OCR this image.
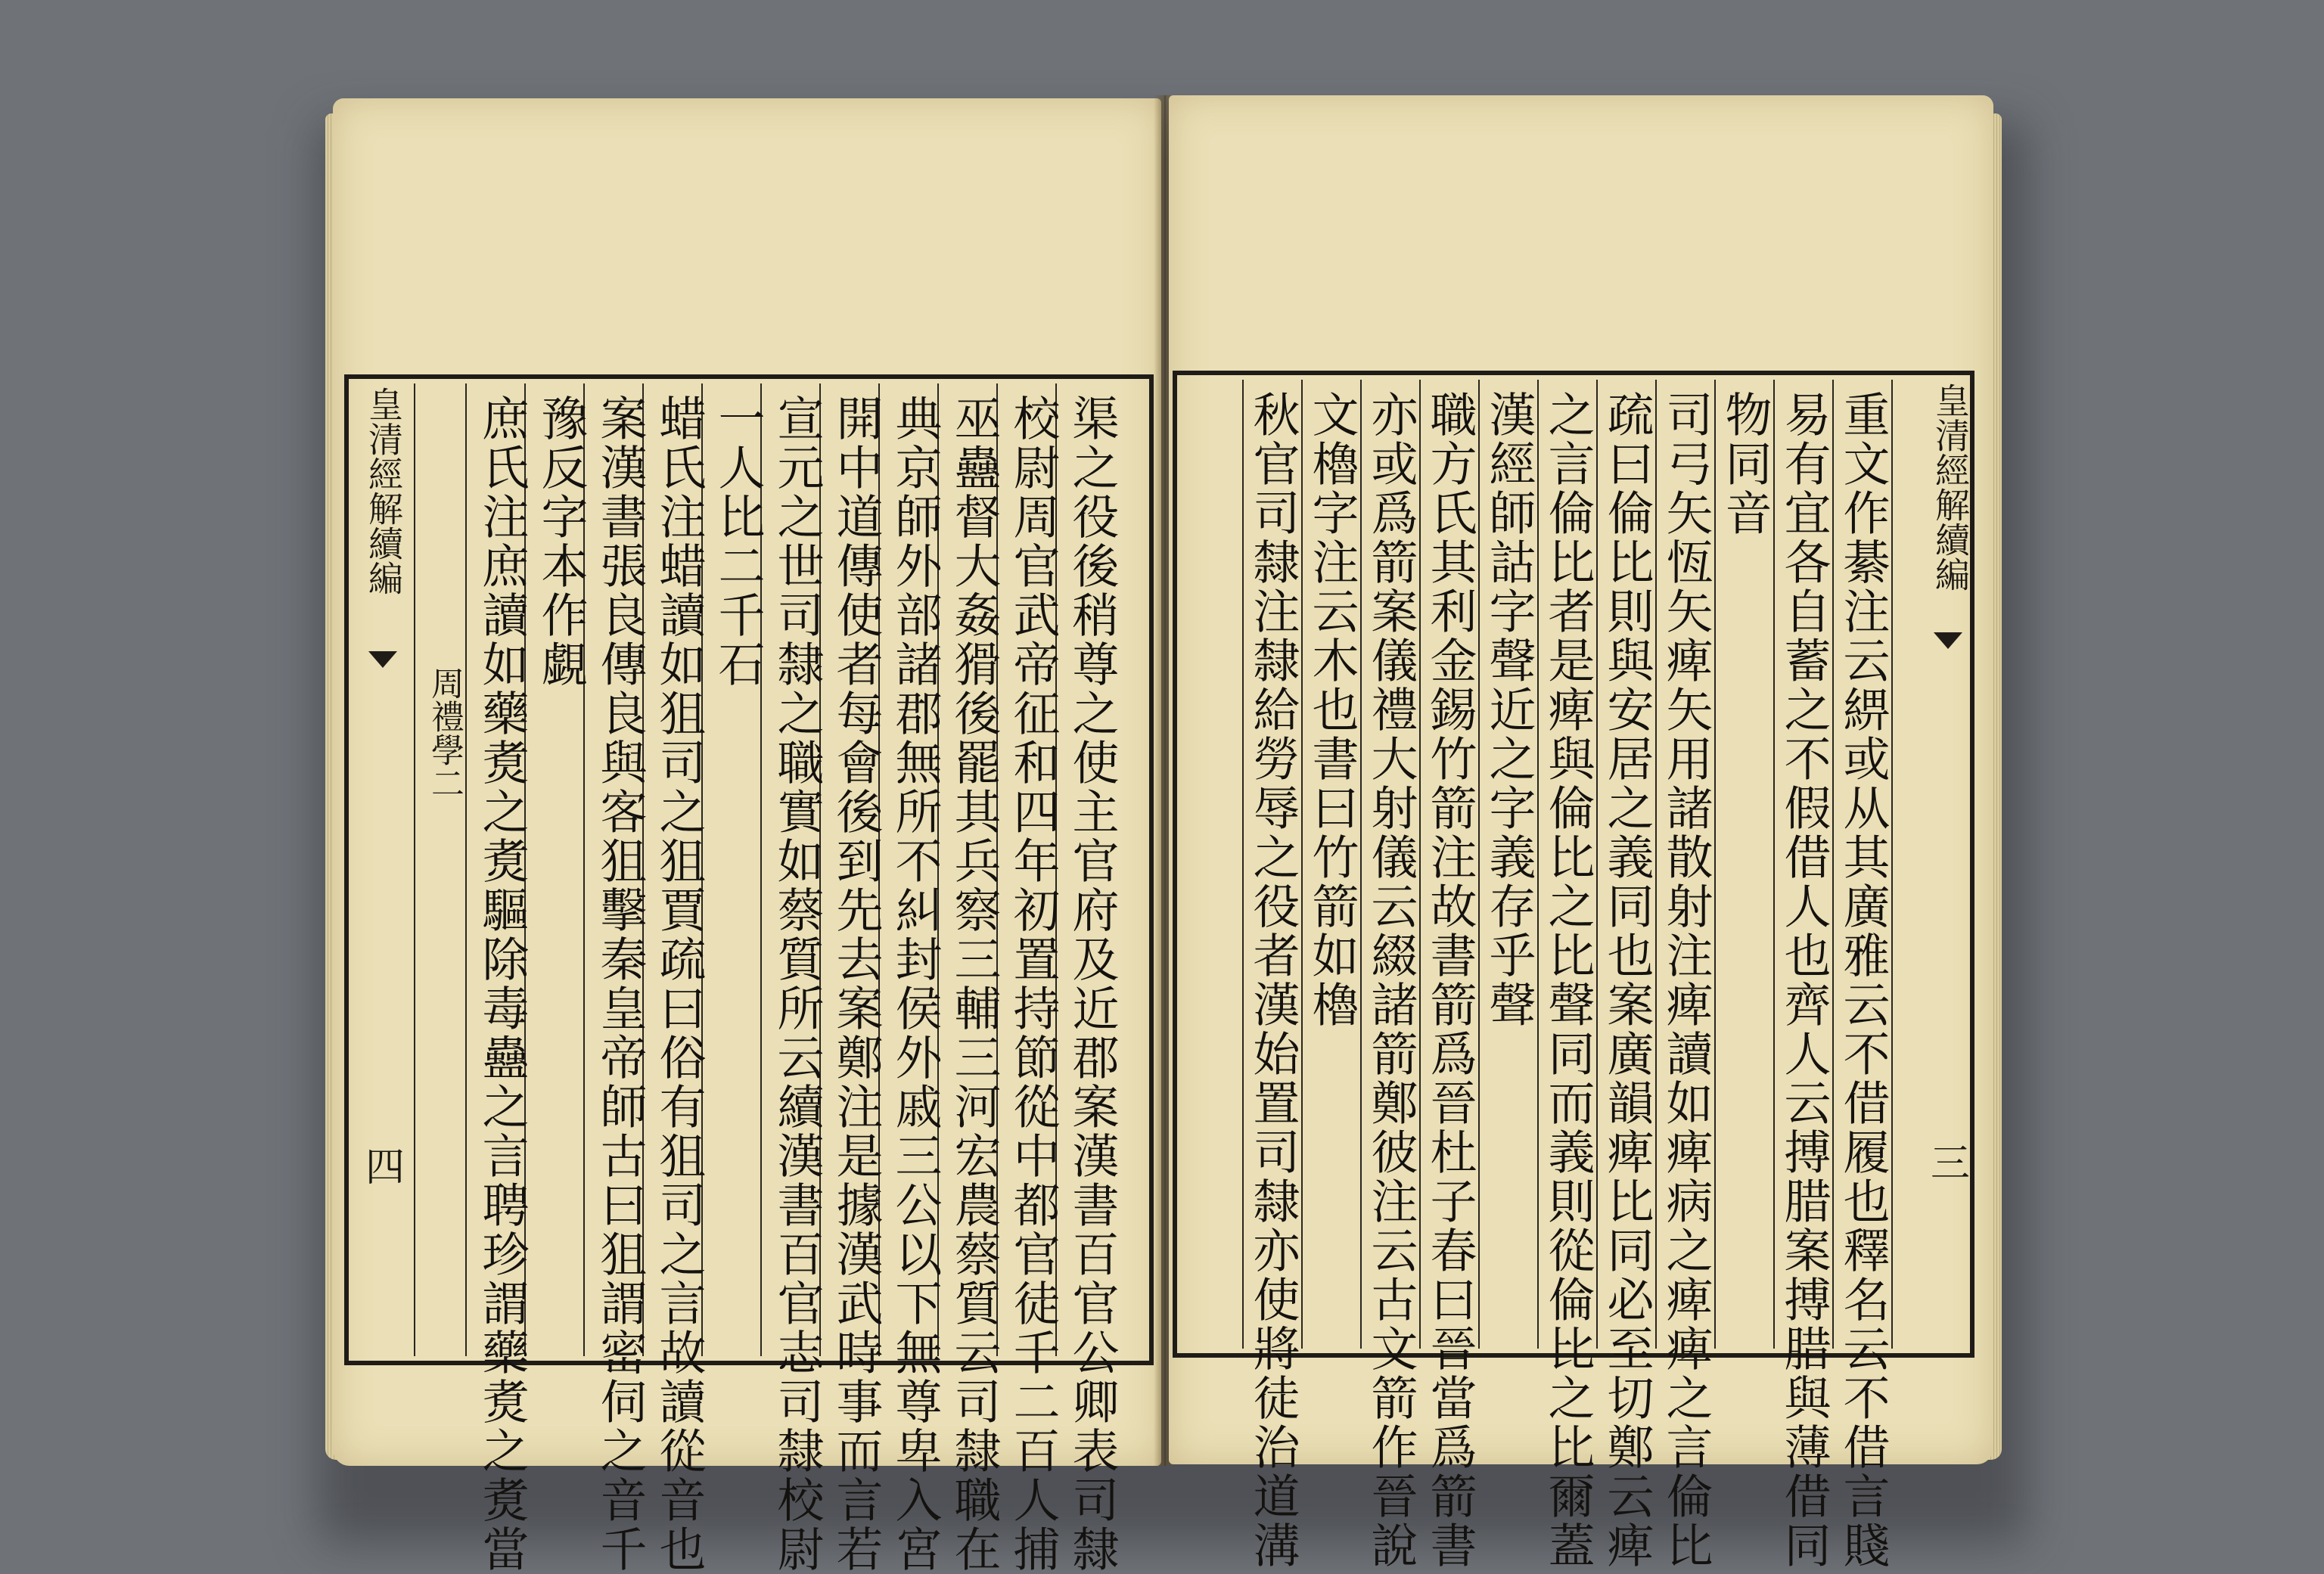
皇清經解續編
周禮學二
四	渠之役後稍尊之使主官府及近郡案漢書百官公卿表司隸
校尉周官武帝征和四年初置持節從中都官徒千二百人捕
巫蠱督大姦猾後罷其兵察三輔三河宏農蔡質云司隸職在
典京師外部諸郡無所不糾封侯外戚三公以下無尊卑入宮
開中道傳使者每會後到先去案鄭注是據漢武時事而言若
宣元之世司隸之職實如蔡質所云續漢書百官志司隸校尉
一人比二千石
蜡氏注蜡讀如狙司之狙賈疏曰俗有狙司之言故讀從音也
案漢書張良傳良與客狙擊秦皇帝師古曰狙謂密伺之音千
豫反字本作覷
庶氏注庶讀如藥煑之煑驅除毒蠱之言聘珍謂藥煑之煑當	重文作綦注云綥或从其廣雅云不借履也釋名云不借言賤
易有宜各自蓄之不假借人也齊人云搏腊案搏腊與薄借同
物同音
司弓矢恆矢痺矢用諸散射注痺讀如痺病之痺痺之言倫比
疏曰倫比則與安居之義同也案廣韻痺比同必至切鄭云痺
之言倫比者是痺與倫比之比聲同而義則從倫比之比爾蓋
漢經師詁字聲近之字義存乎聲
職方氏其利金錫竹箭注故書箭爲晉杜子春曰晉當爲箭書
亦或爲箭案儀禮大射儀云綴諸箭鄭彼注云古文箭作晉說
文櫓字注云木也書曰竹箭如櫓
秋官司隸注隸給勞辱之役者漢始置司隸亦使將徒治道溝	皇清經解續編
三
